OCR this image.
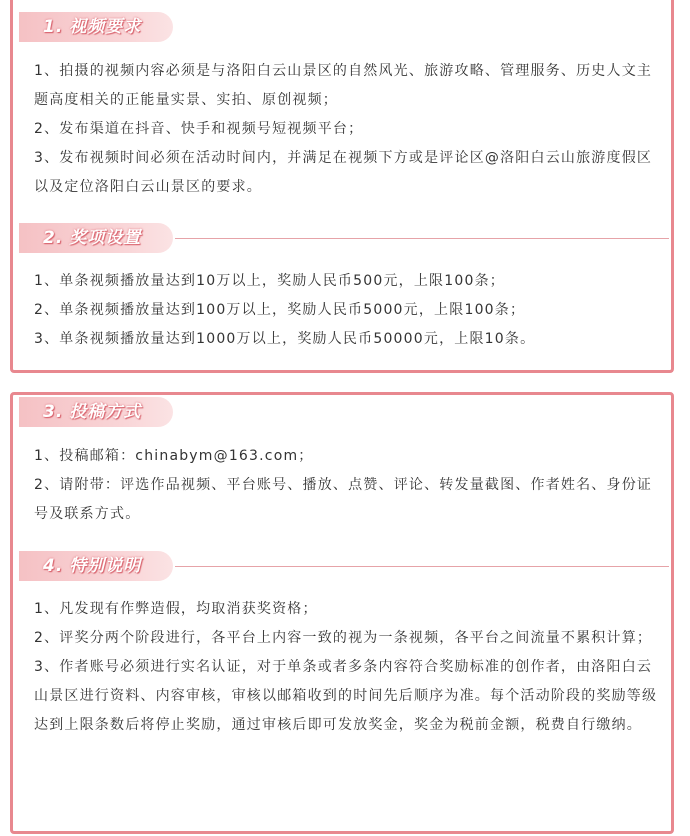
1. 视频要求

1、拍摄的视频内容必须是与洛阳白云山景区的自然风光、旅游攻略、管理服务、历史人文主题高度相关的正能量实景、实拍、原创视频；

2、发布渠道在抖音、快手和视频号短视频平台；

3、发布视频时间必须在活动时间内，并满足在视频下方或是评论区@洛阳白云山旅游度假区以及定位洛阳白云山景区的要求。

2. 奖项设置

1、单条视频播放量达到10万以上，奖励人民币500元，上限100条；

2、单条视频播放量达到100万以上，奖励人民币5000元，上限100条；

3、单条视频播放量达到1000万以上，奖励人民币50000元，上限10条。

3. 投稿方式

1、投稿邮箱：chinabym@163.com；

2、请附带：评选作品视频、平台账号、播放、点赞、评论、转发量截图、作者姓名、身份证号及联系方式。

4. 特别说明

1、凡发现有作弊造假，均取消获奖资格；

2、评奖分两个阶段进行，各平台上内容一致的视为一条视频，各平台之间流量不累积计算；

3、作者账号必须进行实名认证，对于单条或者多条内容符合奖励标准的创作者，由洛阳白云山景区进行资料、内容审核，审核以邮箱收到的时间先后顺序为准。每个活动阶段的奖励等级达到上限条数后将停止奖励，通过审核后即可发放奖金，奖金为税前金额，税费自行缴纳。
